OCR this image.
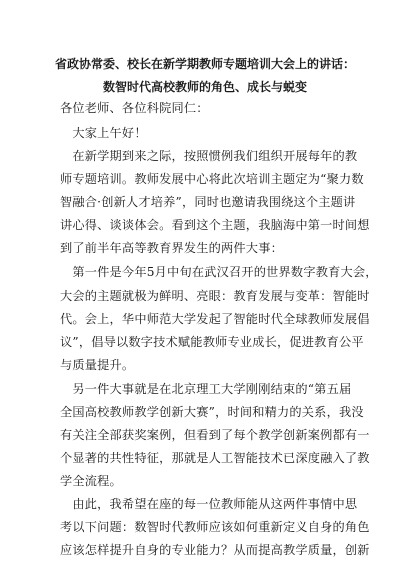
省政协常委、校长在新学期教师专题培训大会上的讲话：
数智时代高校教师的角色、成长与蜕变
各位老师、各位科院同仁：
　大家上午好！
　在新学期到来之际，按照惯例我们组织开展每年的教
师专题培训。教师发展中心将此次培训主题定为“聚力数
智融合·创新人才培养”，同时也邀请我围绕这个主题讲
讲心得、谈谈体会。看到这个主题，我脑海中第一时间想
到了前半年高等教育界发生的两件大事：
　第一件是今年5月中旬在武汉召开的世界数字教育大会，
大会的主题就极为鲜明、亮眼：教育发展与变革：智能时
代。会上，华中师范大学发起了智能时代全球教师发展倡
议”，倡导以数字技术赋能教师专业成长，促进教育公平
与质量提升。
　另一件大事就是在北京理工大学刚刚结束的“第五届
全国高校教师教学创新大赛”，时间和精力的关系，我没
有关注全部获奖案例，但看到了每个教学创新案例都有一
个显著的共性特征，那就是人工智能技术已深度融入了教
学全流程。
　由此，我希望在座的每一位教师能从这两件事情中思
考以下问题：数智时代教师应该如何重新定义自身的角色
应该怎样提升自身的专业能力？从而提高教学质量，创新
